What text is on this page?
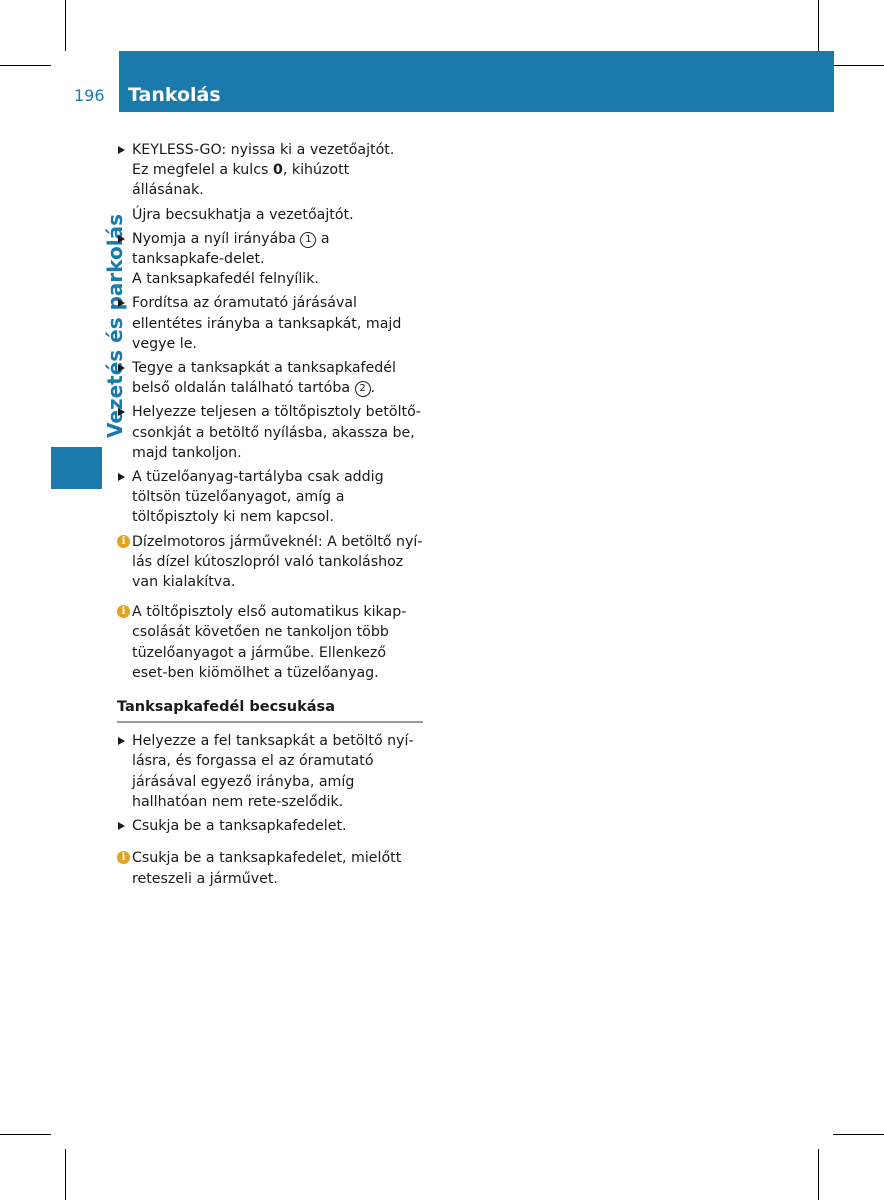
196 Tankolás
Vezetés és parkolás
KEYLESS-GO: nyissa ki a vezetőajtót.
Ez megfelel a kulcs 0, kihúzott állásának.
Újra becsukhatja a vezetőajtót.
Nyomja a nyíl irányába 1 a tanksapkafe-delet.
A tanksapkafedél felnyílik.
Fordítsa az óramutató járásával ellentétes irányba a tanksapkát, majd vegye le.
Tegye a tanksapkát a tanksapkafedél belső oldalán található tartóba 2 .
Helyezze teljesen a töltőpisztoly betöltő-csonkját a betöltő nyílásba, akassza be, majd tankoljon.
A tüzelőanyag-tartályba csak addig töltsön tüzelőanyagot, amíg a töltőpisztoly ki nem kapcsol.
i Dízelmotoros járműveknél: A betöltő nyí-lás dízel kútoszlopról való tankoláshoz van kialakítva.
i A töltőpisztoly első automatikus kikap-csolását követően ne tankoljon több tüzelőanyagot a járműbe. Ellenkező eset-ben kiömölhet a tüzelőanyag.
Tanksapkafedél becsukása
Helyezze a fel tanksapkát a betöltő nyí-lásra, és forgassa el az óramutató járásával egyező irányba, amíg hallhatóan nem rete-szelődik.
Csukja be a tanksapkafedelet.
i Csukja be a tanksapkafedelet, mielőtt reteszeli a járművet.
